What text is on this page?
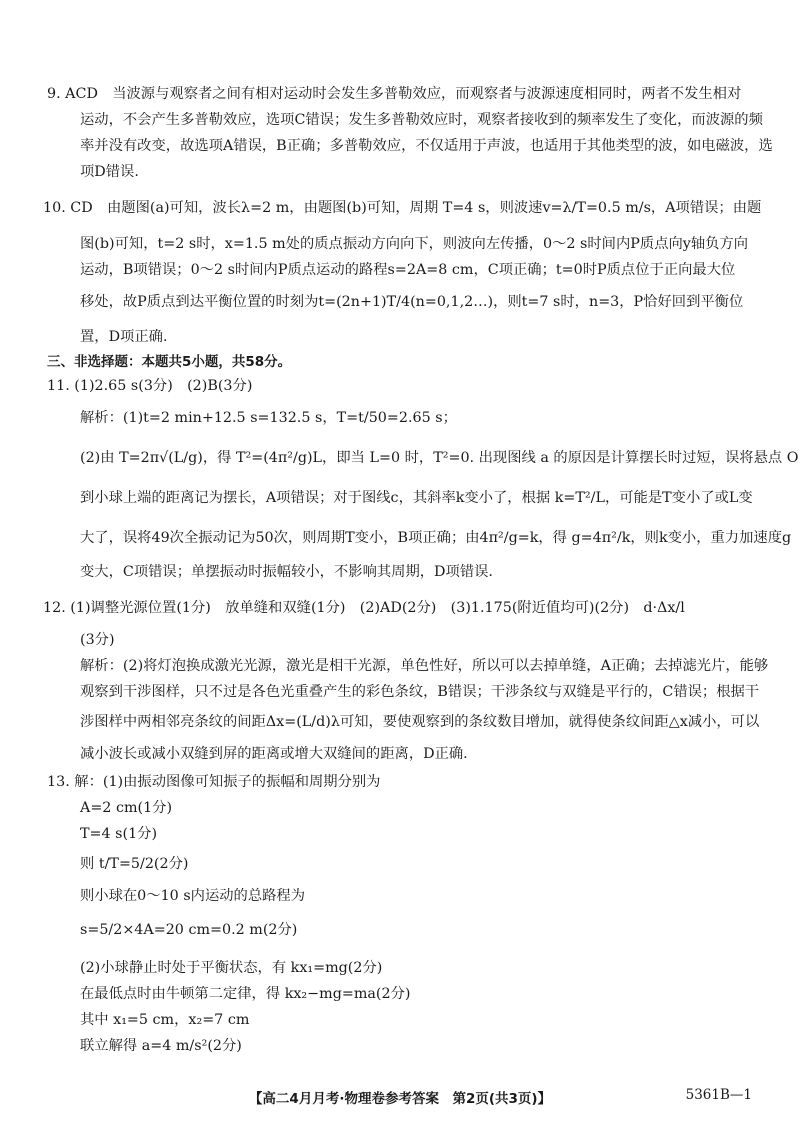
9. ACD　当波源与观察者之间有相对运动时会发生多普勒效应，而观察者与波源速度相同时，两者不发生相对
运动，不会产生多普勒效应，选项C错误；发生多普勒效应时，观察者接收到的频率发生了变化，而波源的频
率并没有改变，故选项A错误，B正确；多普勒效应，不仅适用于声波，也适用于其他类型的波，如电磁波，选
项D错误.
10. CD　由题图(a)可知，波长λ=2 m，由题图(b)可知，周期 T=4 s，则波速v=λ/T=0.5 m/s，A项错误；由题
图(b)可知，t=2 s时，x=1.5 m处的质点振动方向向下，则波向左传播，0～2 s时间内P质点向y轴负方向
运动，B项错误；0～2 s时间内P质点运动的路程s=2A=8 cm，C项正确；t=0时P质点位于正向最大位
移处，故P质点到达平衡位置的时刻为t=(2n+1)T/4(n=0,1,2…)，则t=7 s时，n=3，P恰好回到平衡位
置，D项正确.
三、非选择题：本题共5小题，共58分。
11. (1)2.65 s(3分)　(2)B(3分)
解析：(1)t=2 min+12.5 s=132.5 s，T=t/50=2.65 s；
(2)由 T=2π√(L/g)，得 T²=(4π²/g)L，即当 L=0 时，T²=0. 出现图线 a 的原因是计算摆长时过短，误将悬点 O
到小球上端的距离记为摆长，A项错误；对于图线c，其斜率k变小了，根据 k=T²/L，可能是T变小了或L变
大了，误将49次全振动记为50次，则周期T变小，B项正确；由4π²/g=k，得 g=4π²/k，则k变小，重力加速度g
变大，C项错误；单摆振动时振幅较小，不影响其周期，D项错误.
12. (1)调整光源位置(1分)　放单缝和双缝(1分)　(2)AD(2分)　(3)1.175(附近值均可)(2分)　d·Δx/l
(3分)
解析：(2)将灯泡换成激光光源，激光是相干光源，单色性好，所以可以去掉单缝，A正确；去掉滤光片，能够
观察到干涉图样，只不过是各色光重叠产生的彩色条纹，B错误；干涉条纹与双缝是平行的，C错误；根据干
涉图样中两相邻亮条纹的间距Δx=(L/d)λ可知，要使观察到的条纹数目增加，就得使条纹间距△x减小，可以
减小波长或减小双缝到屏的距离或增大双缝间的距离，D正确.
13. 解：(1)由振动图像可知振子的振幅和周期分别为
A=2 cm(1分)
T=4 s(1分)
则 t/T=5/2(2分)
则小球在0～10 s内运动的总路程为
s=5/2×4A=20 cm=0.2 m(2分)
(2)小球静止时处于平衡状态，有 kx₁=mg(2分)
在最低点时由牛顿第二定律，得 kx₂−mg=ma(2分)
其中 x₁=5 cm，x₂=7 cm
联立解得 a=4 m/s²(2分)
【高二4月月考·物理卷参考答案　第2页(共3页)】	5361B—1
